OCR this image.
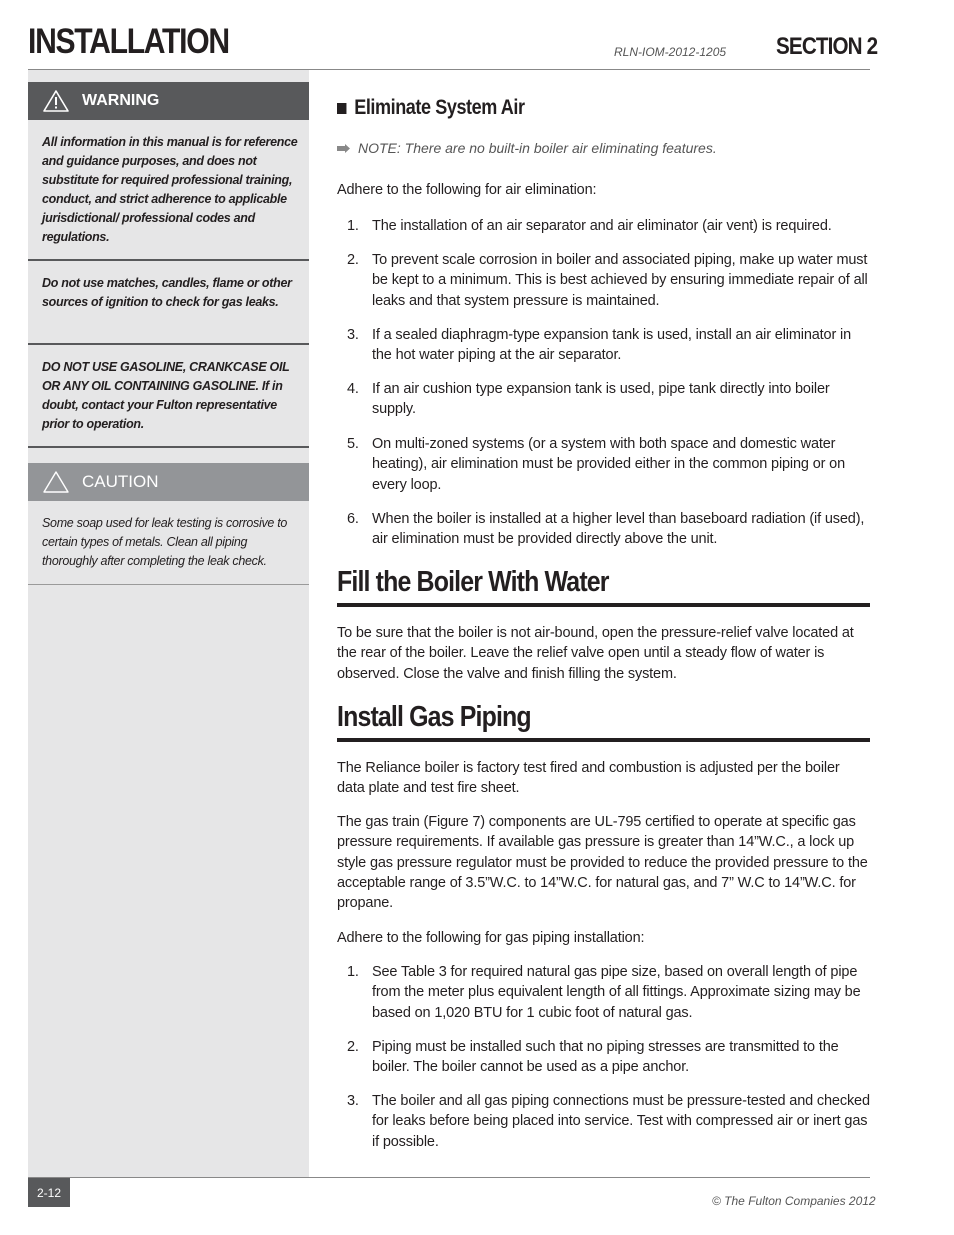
INSTALLATION	RLN-IOM-2012-1205 SECTION 2
WARNING
All information in this manual is for reference and guidance purposes, and does not substitute for required professional training, conduct, and strict adherence to applicable jurisdictional/ professional codes and regulations.
Do not use matches, candles, flame or other sources of ignition to check for gas leaks.
DO NOT USE GASOLINE, CRANKCASE OIL OR ANY OIL CONTAINING GASOLINE. If in doubt, contact your Fulton representative prior to operation.
CAUTION
Some soap used for leak testing is corrosive to certain types of metals. Clean all piping thoroughly after completing the leak check.
Eliminate System Air
NOTE: There are no built-in boiler air eliminating features.
Adhere to the following for air elimination:
1. The installation of an air separator and air eliminator (air vent) is required.
2. To prevent scale corrosion in boiler and associated piping, make up water must be kept to a minimum. This is best achieved by ensuring immediate repair of all leaks and that system pressure is maintained.
3. If a sealed diaphragm-type expansion tank is used, install an air eliminator in the hot water piping at the air separator.
4. If an air cushion type expansion tank is used, pipe tank directly into boiler supply.
5. On multi-zoned systems (or a system with both space and domestic water heating), air elimination must be provided either in the common piping or on every loop.
6. When the boiler is installed at a higher level than baseboard radiation (if used), air elimination must be provided directly above the unit.
Fill the Boiler With Water
To be sure that the boiler is not air-bound, open the pressure-relief valve located at the rear of the boiler. Leave the relief valve open until a steady flow of water is observed. Close the valve and finish filling the system.
Install Gas Piping
The Reliance boiler is factory test fired and combustion is adjusted per the boiler data plate and test fire sheet.
The gas train (Figure 7) components are UL-795 certified to operate at specific gas pressure requirements. If available gas pressure is greater than 14”W.C., a lock up style gas pressure regulator must be provided to reduce the provided pressure to the acceptable range of 3.5”W.C. to 14”W.C. for natural gas, and 7” W.C to 14”W.C. for propane.
Adhere to the following for gas piping installation:
1. See Table 3 for required natural gas pipe size, based on overall length of pipe from the meter plus equivalent length of all fittings. Approximate sizing may be based on 1,020 BTU for 1 cubic foot of natural gas.
2. Piping must be installed such that no piping stresses are transmitted to the boiler. The boiler cannot be used as a pipe anchor.
3. The boiler and all gas piping connections must be pressure-tested and checked for leaks before being placed into service. Test with compressed air or inert gas if possible.
2-12
© The Fulton Companies 2012
